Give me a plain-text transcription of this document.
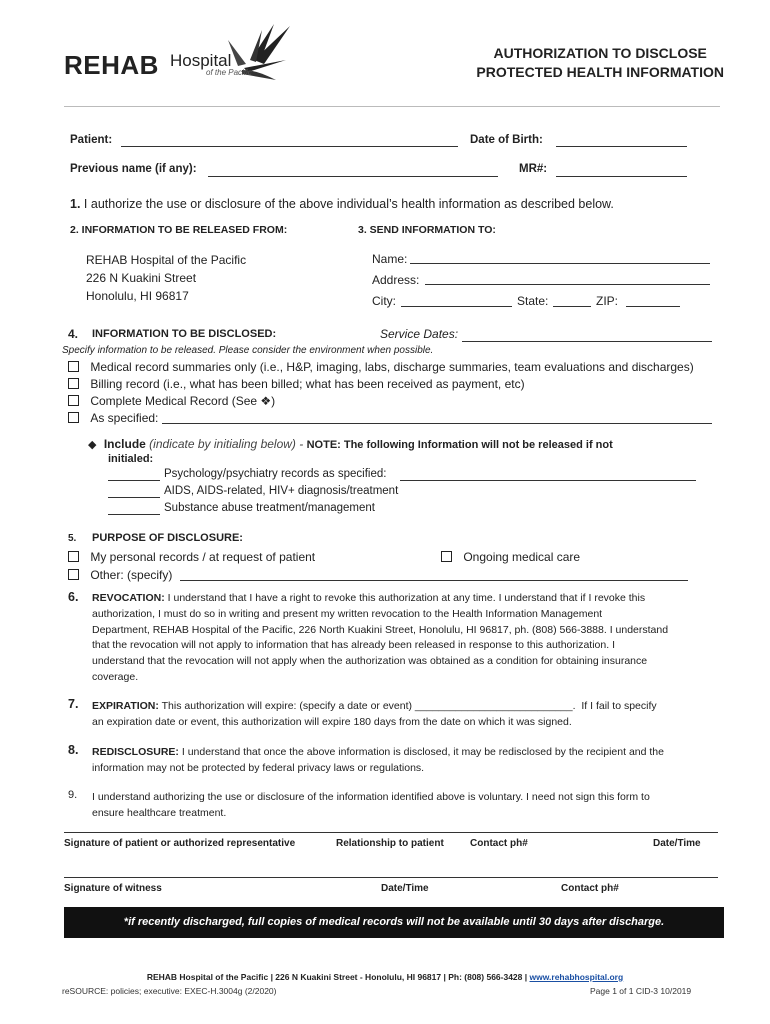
REHAB Hospital
of the Pacific
AUTHORIZATION TO DISCLOSE
PROTECTED HEALTH INFORMATION
Patient:	Date of Birth:
Previous name (if any):	MR#:
1. I authorize the use or disclosure of the above individual’s health information as described below.
2. INFORMATION TO BE RELEASED FROM:
REHAB Hospital of the Pacific
226 N Kuakini Street
Honolulu, HI 96817
3. SEND INFORMATION TO:
Name:
Address:
City:	State:	ZIP:
4. INFORMATION TO BE DISCLOSED:	Service Dates:
Specify information to be released. Please consider the environment when possible.
Medical record summaries only (i.e., H&P, imaging, labs, discharge summaries, team evaluations and discharges)
Billing record (i.e., what has been billed; what has been received as payment, etc)
Complete Medical Record (See ❖)
As specified:
◆ Include (indicate by initialing below) - NOTE: The following Information will not be released if not
initialed:
Psychology/psychiatry records as specified:
AIDS, AIDS-related, HIV+ diagnosis/treatment
Substance abuse treatment/management
5. PURPOSE OF DISCLOSURE:
My personal records / at request of patient	Ongoing medical care
Other: (specify)
6. REVOCATION: I understand that I have a right to revoke this authorization at any time. I understand that if I revoke this
authorization, I must do so in writing and present my written revocation to the Health Information Management
Department, REHAB Hospital of the Pacific, 226 North Kuakini Street, Honolulu, HI 96817, ph. (808) 566-3888. I understand
that the revocation will not apply to information that has already been released in response to this authorization. I
understand that the revocation will not apply when the authorization was obtained as a condition for obtaining insurance
coverage.
7. EXPIRATION: This authorization will expire: (specify a date or event) ___________________________. If I fail to specify
an expiration date or event, this authorization will expire 180 days from the date on which it was signed.
8. REDISCLOSURE: I understand that once the above information is disclosed, it may be redisclosed by the recipient and the
information may not be protected by federal privacy laws or regulations.
9. I understand authorizing the use or disclosure of the information identified above is voluntary. I need not sign this form to
ensure healthcare treatment.
Signature of patient or authorized representative	Relationship to patient	Contact ph#	Date/Time
Signature of witness	Date/Time	Contact ph#
*if recently discharged, full copies of medical records will not be available until 30 days after discharge.
REHAB Hospital of the Pacific | 226 N Kuakini Street - Honolulu, HI 96817 | Ph: (808) 566-3428 | www.rehabhospital.org
reSOURCE: policies; executive: EXEC-H.3004g (2/2020)	Page 1 of 1 CID-3 10/2019
